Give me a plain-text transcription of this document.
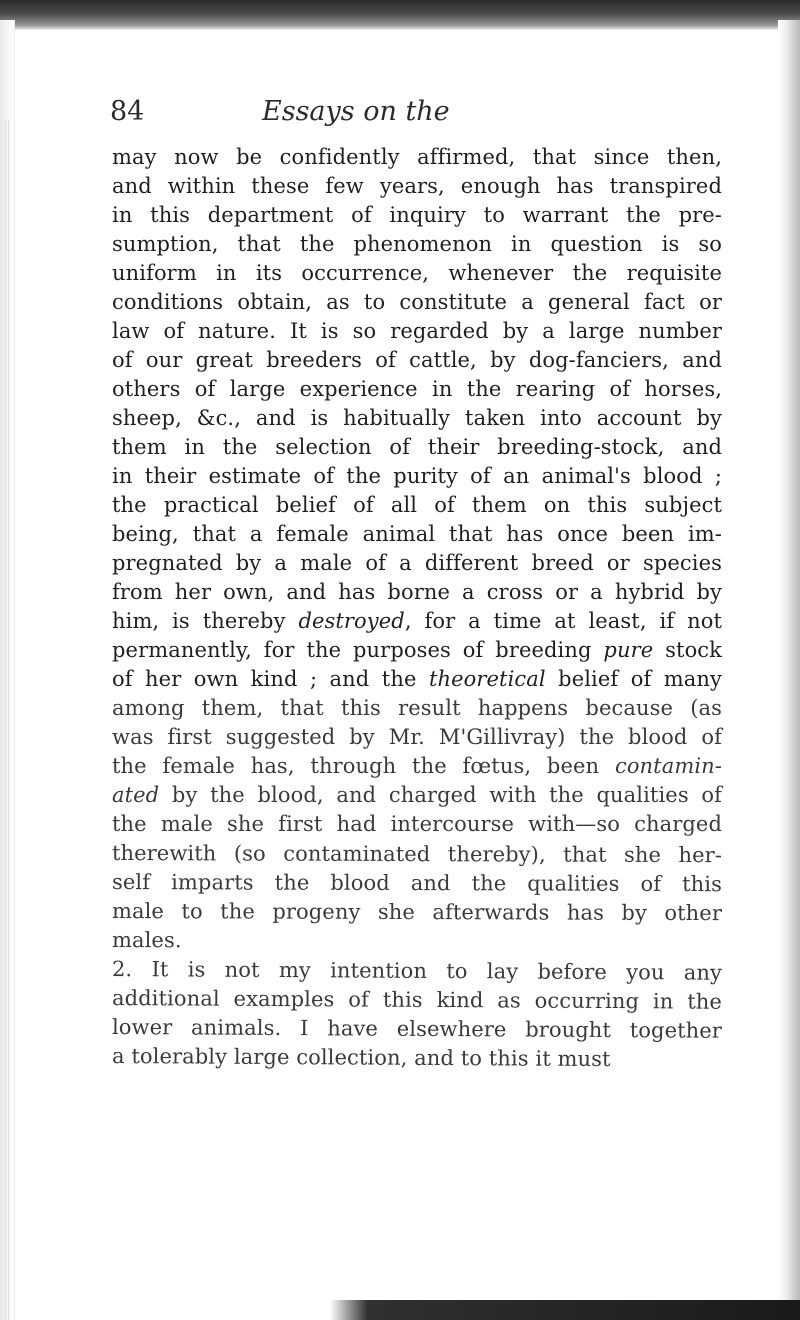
84	Essays on the
may now be confidently affirmed, that since then,
and within these few years, enough has transpired
in this department of inquiry to warrant the pre-
sumption, that the phenomenon in question is so
uniform in its occurrence, whenever the requisite
conditions obtain, as to constitute a general fact or
law of nature. It is so regarded by a large number
of our great breeders of cattle, by dog-fanciers, and
others of large experience in the rearing of horses,
sheep, &c., and is habitually taken into account by
them in the selection of their breeding-stock, and
in their estimate of the purity of an animal's blood ;
the practical belief of all of them on this subject
being, that a female animal that has once been im-
pregnated by a male of a different breed or species
from her own, and has borne a cross or a hybrid by
him, is thereby destroyed, for a time at least, if not
permanently, for the purposes of breeding pure stock
of her own kind ; and the theoretical belief of many
among them, that this result happens because (as
was first suggested by Mr. M'Gillivray) the blood of
the female has, through the fœtus, been contamin-
ated by the blood, and charged with the qualities of
the male she first had intercourse with—so charged
therewith (so contaminated thereby), that she her-
self imparts the blood and the qualities of this
male to the progeny she afterwards has by other
males.
2. It is not my intention to lay before you any
additional examples of this kind as occurring in the
lower animals. I have elsewhere brought together
a tolerably large collection, and to this it must
